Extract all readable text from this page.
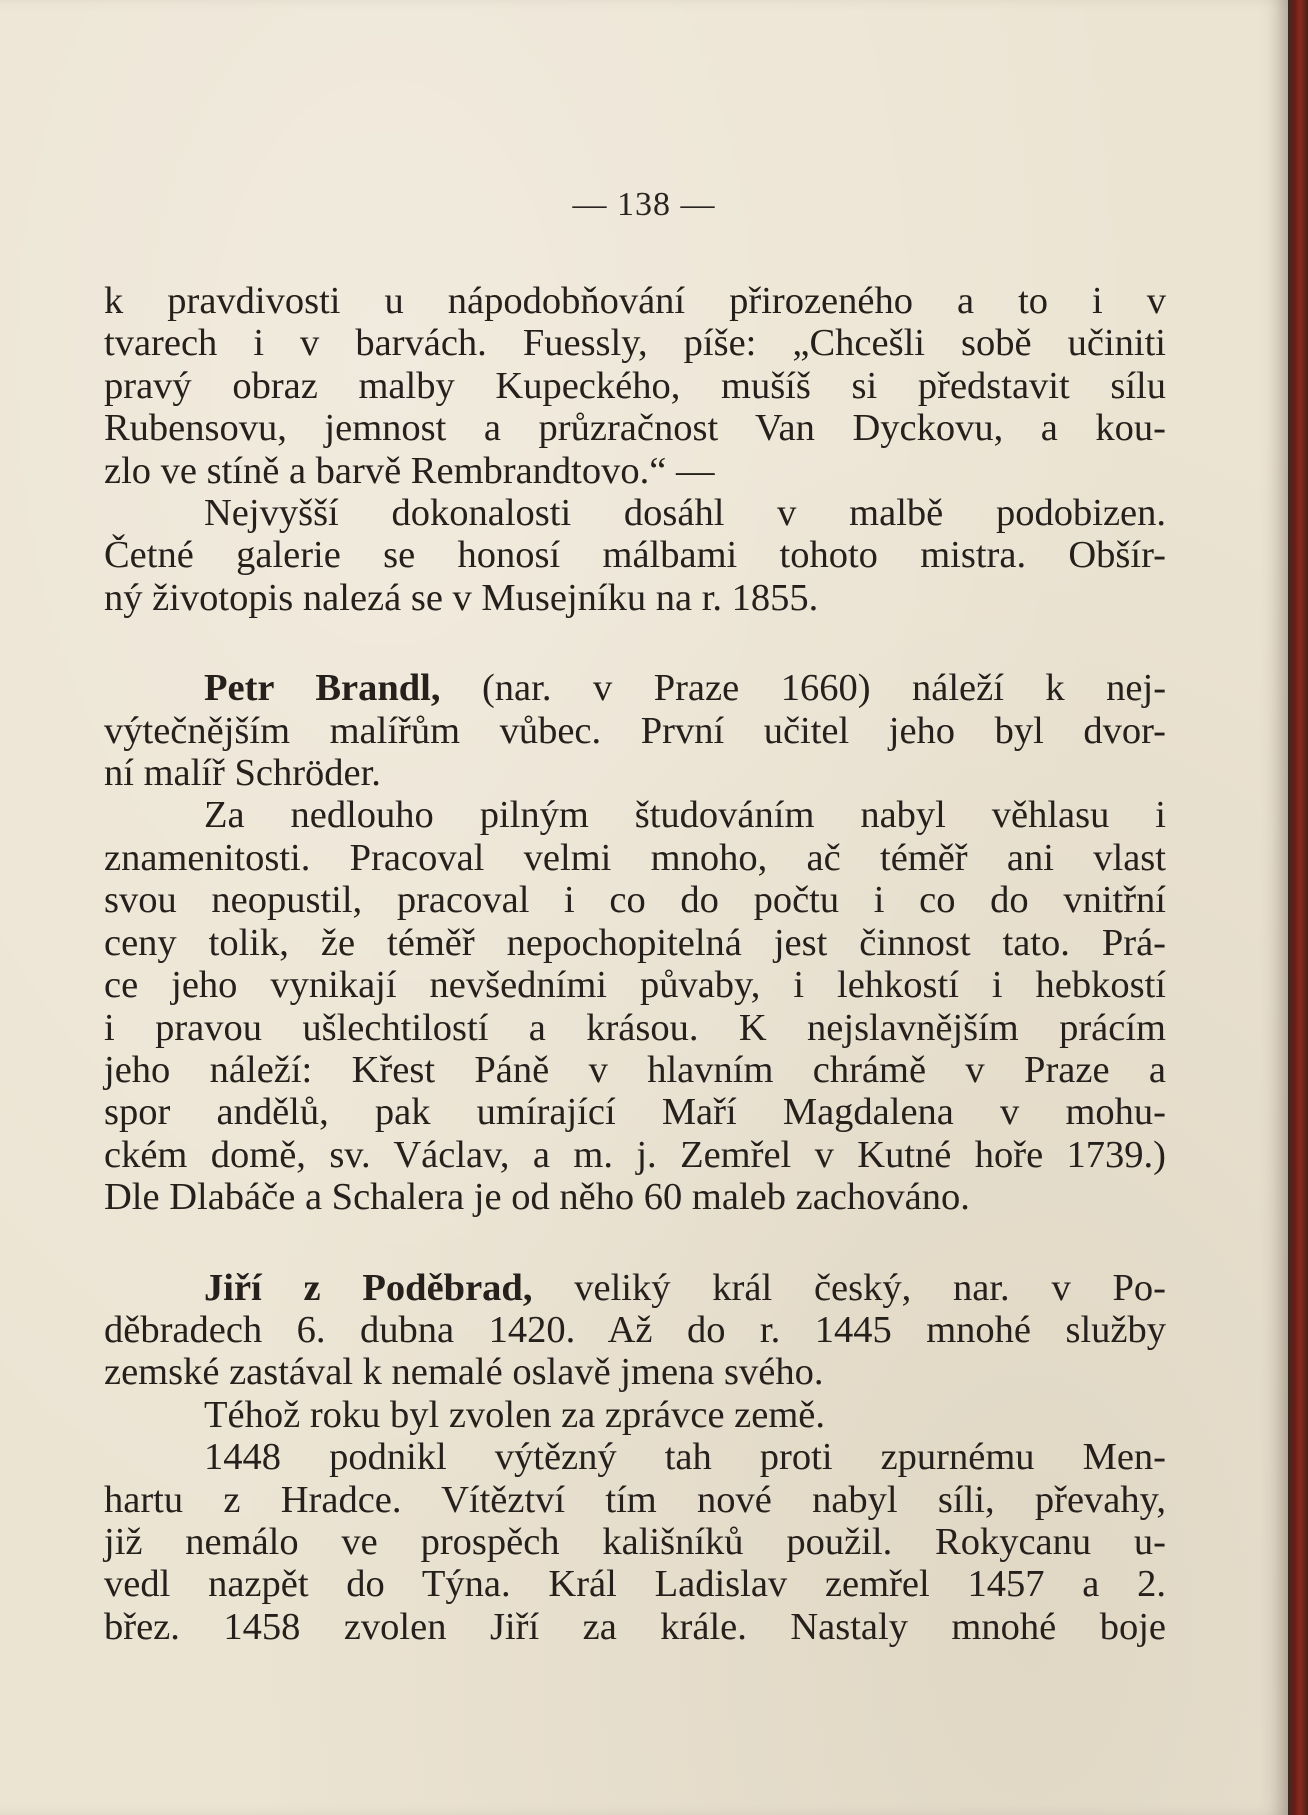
— 138 —
k pravdivosti u nápodobňování přirozeného a to i v
tvarech i v barvách. Fuessly, píše: „Chcešli sobě učiniti
pravý obraz malby Kupeckého, mušíš si představit sílu
Rubensovu, jemnost a průzračnost Van Dyckovu, a kou-
zlo ve stíně a barvě Rembrandtovo.“ —
Nejvyšší dokonalosti dosáhl v malbě podobizen.
Četné galerie se honosí málbami tohoto mistra. Obšír-
ný životopis nalezá se v Musejníku na r. 1855.
Petr Brandl, (nar. v Praze 1660) náleží k nej-
výtečnějším malířům vůbec. První učitel jeho byl dvor-
ní malíř Schröder.
Za nedlouho pilným študováním nabyl věhlasu i
znamenitosti. Pracoval velmi mnoho, ač téměř ani vlast
svou neopustil, pracoval i co do počtu i co do vnitřní
ceny tolik, že téměř nepochopitelná jest činnost tato. Prá-
ce jeho vynikají nevšedními půvaby, i lehkostí i hebkostí
i pravou ušlechtilostí a krásou. K nejslavnějším prácím
jeho náleží: Křest Páně v hlavním chrámě v Praze a
spor andělů, pak umírající Maří Magdalena v mohu-
ckém domě, sv. Václav, a m. j. Zemřel v Kutné hoře 1739.)
Dle Dlabáče a Schalera je od něho 60 maleb zachováno.
Jiří z Poděbrad, veliký král český, nar. v Po-
děbradech 6. dubna 1420. Až do r. 1445 mnohé služby
zemské zastával k nemalé oslavě jmena svého.
Téhož roku byl zvolen za zprávce země.
1448 podnikl výtězný tah proti zpurnému Men-
hartu z Hradce. Vítěztví tím nové nabyl síli, převahy,
již nemálo ve prospěch kališníků použil. Rokycanu u-
vedl nazpět do Týna. Král Ladislav zemřel 1457 a 2.
břez. 1458 zvolen Jiří za krále. Nastaly mnohé boje
